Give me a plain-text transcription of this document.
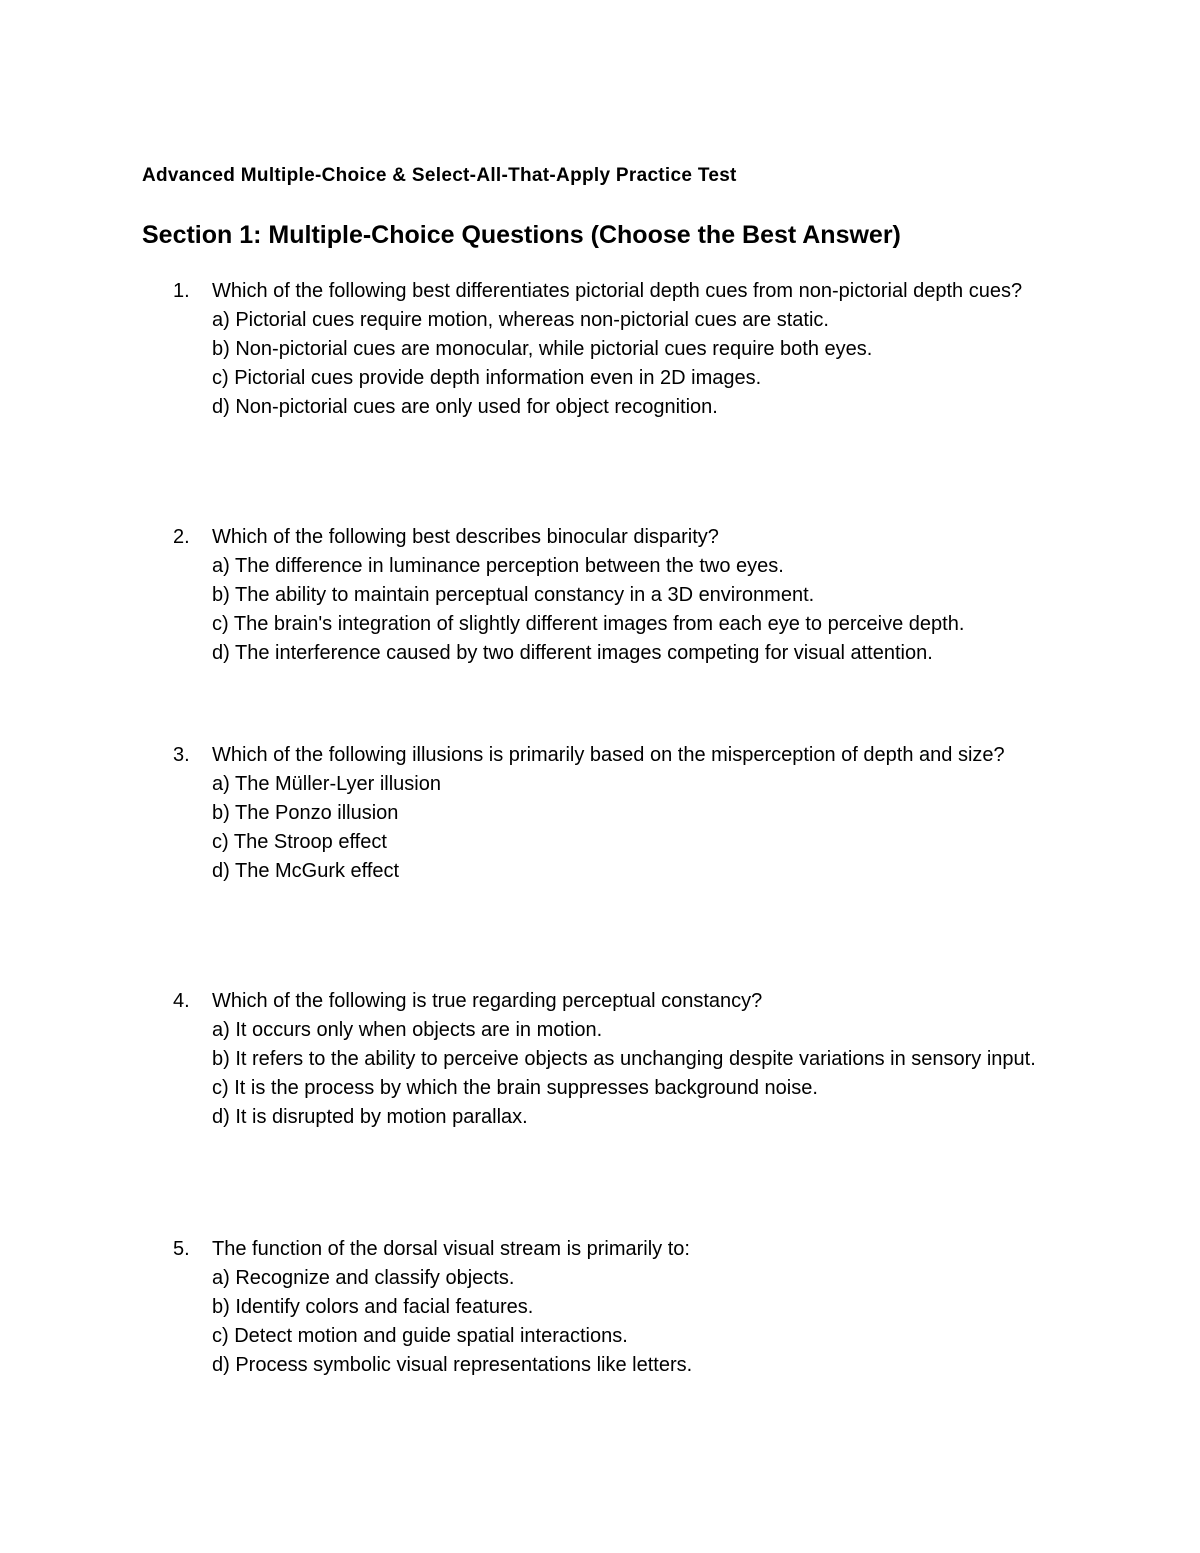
Advanced Multiple-Choice & Select-All-That-Apply Practice Test
Section 1: Multiple-Choice Questions (Choose the Best Answer)
1. Which of the following best differentiates pictorial depth cues from non-pictorial depth cues?

a) Pictorial cues require motion, whereas non-pictorial cues are static.

b) Non-pictorial cues are monocular, while pictorial cues require both eyes.

c) Pictorial cues provide depth information even in 2D images.

d) Non-pictorial cues are only used for object recognition.

2. Which of the following best describes binocular disparity?

a) The difference in luminance perception between the two eyes.

b) The ability to maintain perceptual constancy in a 3D environment.

c) The brain's integration of slightly different images from each eye to perceive depth.

d) The interference caused by two different images competing for visual attention.

3. Which of the following illusions is primarily based on the misperception of depth and size?

a) The Müller-Lyer illusion

b) The Ponzo illusion

c) The Stroop effect

d) The McGurk effect

4. Which of the following is true regarding perceptual constancy?

a) It occurs only when objects are in motion.

b) It refers to the ability to perceive objects as unchanging despite variations in sensory input.

c) It is the process by which the brain suppresses background noise.

d) It is disrupted by motion parallax.

5. The function of the dorsal visual stream is primarily to:

a) Recognize and classify objects.

b) Identify colors and facial features.

c) Detect motion and guide spatial interactions.

d) Process symbolic visual representations like letters.
